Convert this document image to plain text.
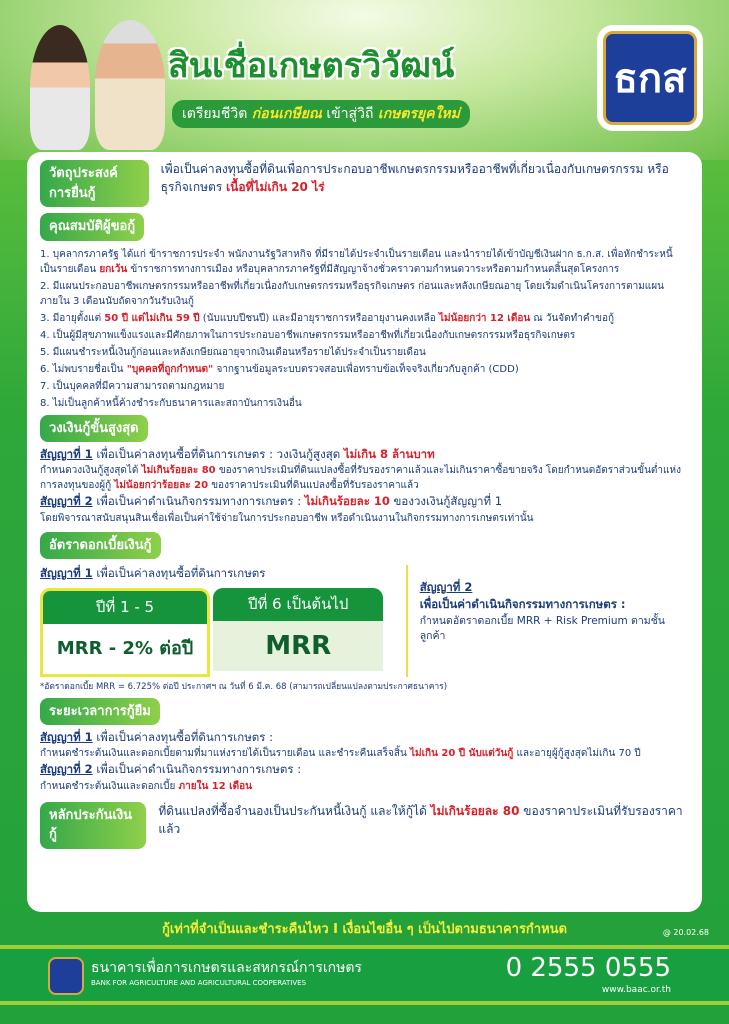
สินเชื่อเกษตรวิวัฒน์
เตรียมชีวิต ก่อนเกษียณ เข้าสู่วิถี เกษตรยุคใหม่
ธกส
วัตถุประสงค์การยื่นกู้
เพื่อเป็นค่าลงทุนซื้อที่ดินเพื่อการประกอบอาชีพเกษตรกรรมหรืออาชีพที่เกี่ยวเนื่องกับเกษตรกรรม หรือธุรกิจเกษตร เนื้อที่ไม่เกิน 20 ไร่
คุณสมบัติผู้ขอกู้
1. บุคลากรภาครัฐ ได้แก่ ข้าราชการประจำ พนักงานรัฐวิสาหกิจ ที่มีรายได้ประจำเป็นรายเดือน และนำรายได้เข้าบัญชีเงินฝาก ธ.ก.ส. เพื่อหักชำระหนี้เป็นรายเดือน ยกเว้น ข้าราชการทางการเมือง หรือบุคลากรภาครัฐที่มีสัญญาจ้างชั่วคราวตามกำหนดวาระหรือตามกำหนดสิ้นสุดโครงการ
2. มีแผนประกอบอาชีพเกษตรกรรมหรืออาชีพที่เกี่ยวเนื่องกับเกษตรกรรมหรือธุรกิจเกษตร ก่อนและหลังเกษียณอายุ โดยเริ่มดำเนินโครงการตามแผนภายใน 3 เดือนนับถัดจากวันรับเงินกู้
3. มีอายุตั้งแต่ 50 ปี แต่ไม่เกิน 59 ปี (นับแบบปีชนปี) และมีอายุราชการหรืออายุงานคงเหลือ ไม่น้อยกว่า 12 เดือน ณ วันจัดทำคำขอกู้
4. เป็นผู้มีสุขภาพแข็งแรงและมีศักยภาพในการประกอบอาชีพเกษตรกรรมหรืออาชีพที่เกี่ยวเนื่องกับเกษตรกรรมหรือธุรกิจเกษตร
5. มีแผนชำระหนี้เงินกู้ก่อนและหลังเกษียณอายุจากเงินเดือนหรือรายได้ประจำเป็นรายเดือน
6. ไม่พบรายชื่อเป็น "บุคคลที่ถูกกำหนด" จากฐานข้อมูลระบบตรวจสอบเพื่อทราบข้อเท็จจริงเกี่ยวกับลูกค้า (CDD)
7. เป็นบุคคลที่มีความสามารถตามกฎหมาย
8. ไม่เป็นลูกค้าหนี้ค้างชำระกับธนาคารและสถาบันการเงินอื่น
วงเงินกู้ขั้นสูงสุด
สัญญาที่ 1 เพื่อเป็นค่าลงทุนซื้อที่ดินการเกษตร : วงเงินกู้สูงสุด ไม่เกิน 8 ล้านบาท
กำหนดวงเงินกู้สูงสุดได้ ไม่เกินร้อยละ 80 ของราคาประเมินที่ดินแปลงซื้อที่รับรองราคาแล้วและไม่เกินราคาซื้อขายจริง โดยกำหนดอัตราส่วนขั้นต่ำแห่งการลงทุนของผู้กู้ ไม่น้อยกว่าร้อยละ 20 ของราคาประเมินที่ดินแปลงซื้อที่รับรองราคาแล้ว
สัญญาที่ 2 เพื่อเป็นค่าดำเนินกิจกรรมทางการเกษตร : ไม่เกินร้อยละ 10 ของวงเงินกู้สัญญาที่ 1
โดยพิจารณาสนับสนุนสินเชื่อเพื่อเป็นค่าใช้จ่ายในการประกอบอาชีพ หรือดำเนินงานในกิจกรรมทางการเกษตรเท่านั้น
อัตราดอกเบี้ยเงินกู้
สัญญาที่ 1 เพื่อเป็นค่าลงทุนซื้อที่ดินการเกษตร
ปีที่ 1 - 5
MRR - 2% ต่อปี

ปีที่ 6 เป็นต้นไป
MRR
สัญญาที่ 2
เพื่อเป็นค่าดำเนินกิจกรรมทางการเกษตร :
กำหนดอัตราดอกเบี้ย MRR + Risk Premium ตามชั้นลูกค้า
*อัตราดอกเบี้ย MRR = 6.725% ต่อปี ประกาศฯ ณ วันที่ 6 มี.ค. 68 (สามารถเปลี่ยนแปลงตามประกาศธนาคาร)
ระยะเวลาการกู้ยืม
สัญญาที่ 1 เพื่อเป็นค่าลงทุนซื้อที่ดินการเกษตร :
กำหนดชำระต้นเงินและดอกเบี้ยตามที่มาแห่งรายได้เป็นรายเดือน และชำระคืนเสร็จสิ้น ไม่เกิน 20 ปี นับแต่วันกู้ และอายุผู้กู้สูงสุดไม่เกิน 70 ปี
สัญญาที่ 2 เพื่อเป็นค่าดำเนินกิจกรรมทางการเกษตร :
กำหนดชำระต้นเงินและดอกเบี้ย ภายใน 12 เดือน
หลักประกันเงินกู้
ที่ดินแปลงที่ซื้อจำนองเป็นประกันหนี้เงินกู้ และให้กู้ได้ ไม่เกินร้อยละ 80 ของราคาประเมินที่รับรองราคาแล้ว
กู้เท่าที่จำเป็นและชำระคืนไหว I เงื่อนไขอื่น ๆ เป็นไปตามธนาคารกำหนด	@ 20.02.68
ธนาคารเพื่อการเกษตรและสหกรณ์การเกษตร
BANK FOR AGRICULTURE AND AGRICULTURAL COOPERATIVES	0 2555 0555
www.baac.or.th
